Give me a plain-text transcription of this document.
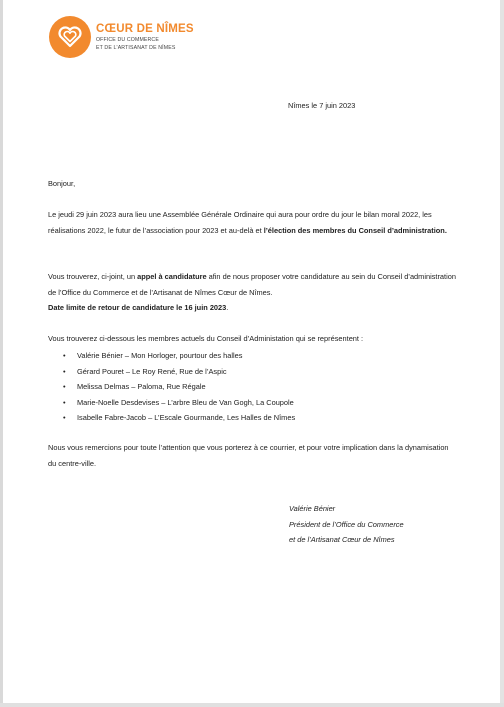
CŒUR DE NÎMES
OFFICE DU COMMERCE
ET DE L'ARTISANAT DE NÎMES
Nîmes le 7 juin 2023
Bonjour,
Le jeudi 29 juin 2023 aura lieu une Assemblée Générale Ordinaire qui aura pour ordre du jour le bilan moral 2022, les réalisations 2022, le futur de l’association pour 2023 et au-delà et l’élection des membres du Conseil d’administration.
Vous trouverez, ci-joint, un appel à candidature afin de nous proposer votre candidature au sein du Conseil d’administration de l’Office du Commerce et de l’Artisanat de Nîmes Cœur de Nîmes.
Date limite de retour de candidature le 16 juin 2023.
Vous trouverez ci-dessous les membres actuels du Conseil d’Administation qui se représentent :
•	Valérie Bénier – Mon Horloger, pourtour des halles
•	Gérard Pouret – Le Roy René, Rue de l’Aspic
•	Melissa Delmas – Paloma, Rue Régale
•	Marie-Noelle Desdevises – L’arbre Bleu de Van Gogh, La Coupole
•	Isabelle Fabre-Jacob – L’Escale Gourmande, Les Halles de Nîmes
Nous vous remercions pour toute l’attention que vous porterez à ce courrier, et pour votre implication dans la dynamisation du centre-ville.
Valérie Bénier
Président de l’Office du Commerce
et de l’Artisanat Cœur de Nîmes
